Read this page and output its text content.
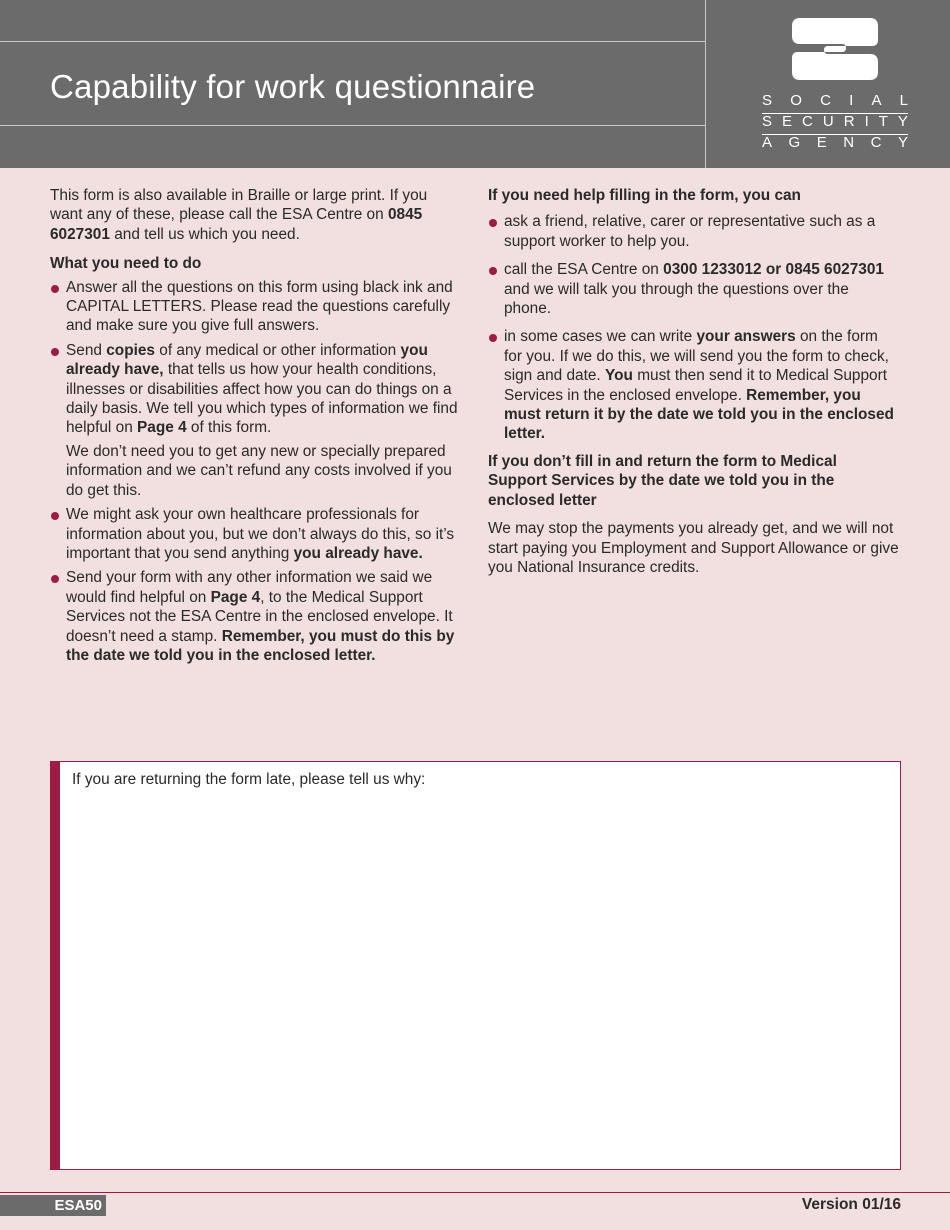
Capability for work questionnaire	S O C I A L
S E C U R I T Y
A G E N C Y

This form is also available in Braille or large print. If you want any of these, please call the ESA Centre on 0845 6027301 and tell us which you need.

What you need to do

Answer all the questions on this form using black ink and CAPITAL LETTERS. Please read the questions carefully and make sure you give full answers.
Send copies of any medical or other information you already have, that tells us how your health conditions, illnesses or disabilities affect how you can do things on a daily basis. We tell you which types of information we find helpful on Page 4 of this form.

We don’t need you to get any new or specially prepared information and we can’t refund any costs involved if you do get this.

We might ask your own healthcare professionals for information about you, but we don’t always do this, so it’s important that you send anything you already have.
Send your form with any other information we said we would find helpful on Page 4, to the Medical Support Services not the ESA Centre in the enclosed envelope. It doesn’t need a stamp. Remember, you must do this by the date we told you in the enclosed letter.

If you need help filling in the form, you can

ask a friend, relative, carer or representative such as a support worker to help you.
call the ESA Centre on 0300 1233012 or 0845 6027301 and we will talk you through the questions over the phone.
in some cases we can write your answers on the form for you. If we do this, we will send you the form to check, sign and date. You must then send it to Medical Support Services in the enclosed envelope. Remember, you must return it by the date we told you in the enclosed letter.

If you don’t fill in and return the form to Medical Support Services by the date we told you in the enclosed letter

We may stop the payments you already get, and we will not start paying you Employment and Support Allowance or give you National Insurance credits.

If you are returning the form late, please tell us why:
ESA50	Version 01/16
